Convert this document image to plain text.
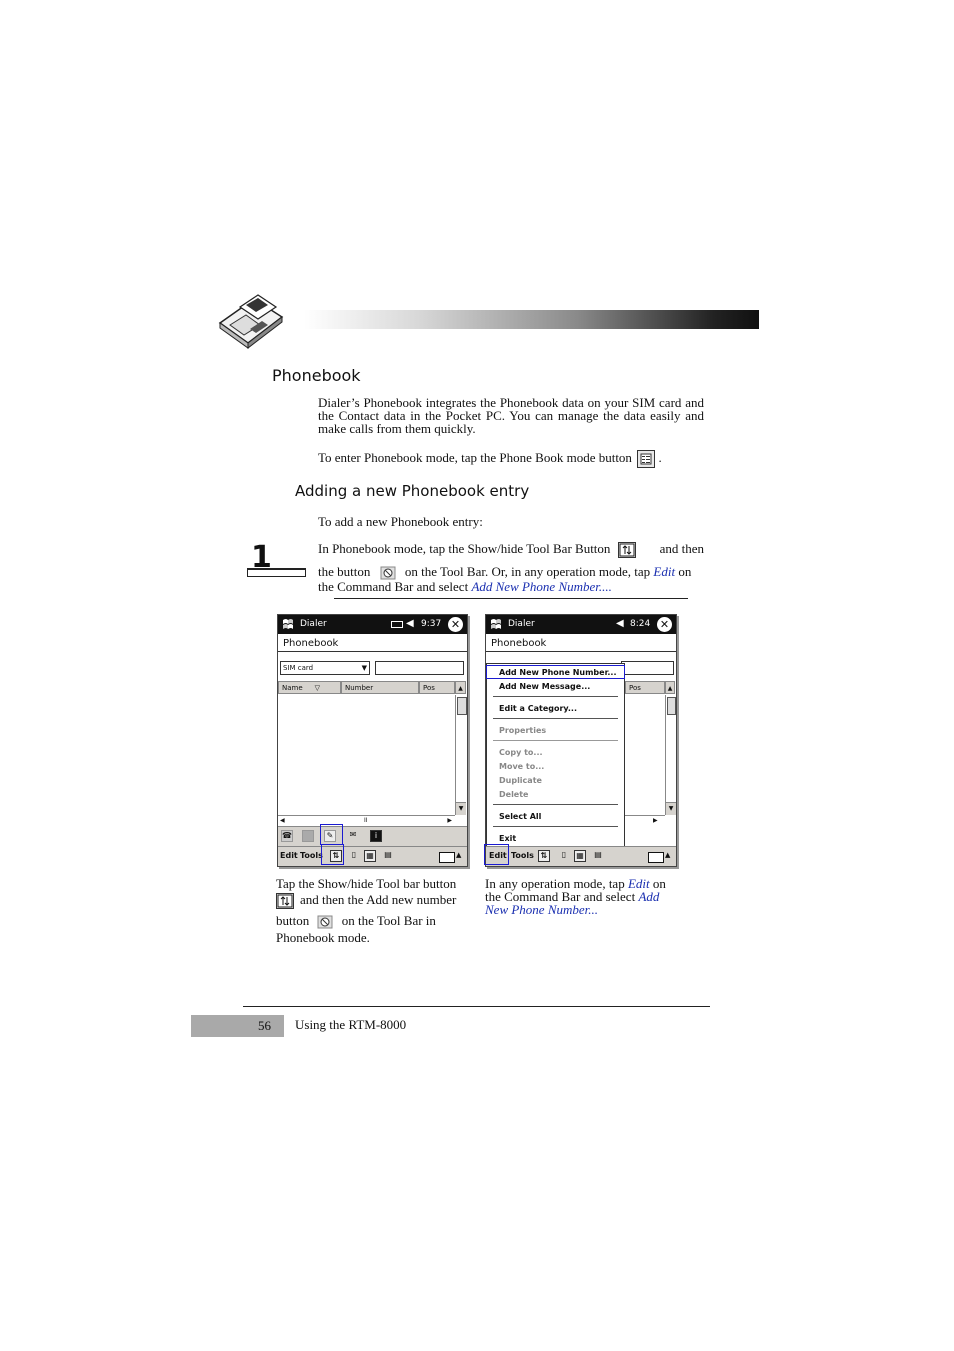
Phonebook
Dialer’s Phonebook integrates the Phonebook data on your SIM card and the Contact data in the Pocket PC. You can manage the data easily and make calls from them quickly.
To enter Phonebook mode, tap the Phone Book mode button .
Adding a new Phonebook entry
To add a new Phonebook entry:
1	In Phonebook mode, tap the Show/hide Tool Bar Button	and then
the button	on the Tool Bar. Or, in any operation mode, tap Edit on
the Command Bar and select Add New Phone Number....
Dialer	◀ 9:37 ✕
Phonebook
SIM card	▼
Name ▽	Number	Pos	▲
▼
◀	II	▶
☎	✎	✉	i
Edit Tools	⇅	▯	▦ ▤	▲
Dialer	◀ 8:24 ✕
Phonebook
Pos	▲
▼
▶
Add New Phone Number...
Add New Message...
Edit a Category...
Properties
Copy to...
Move to...
Duplicate
Delete
Select All
Exit
Edit Tools ⇅	▯	▦ ▤	▲
Tap the Show/hide Tool bar button
and then the Add new number
button	on the Tool Bar in
Phonebook mode.
In any operation mode, tap Edit on
the Command Bar and select Add
New Phone Number...
56 Using the RTM-8000
